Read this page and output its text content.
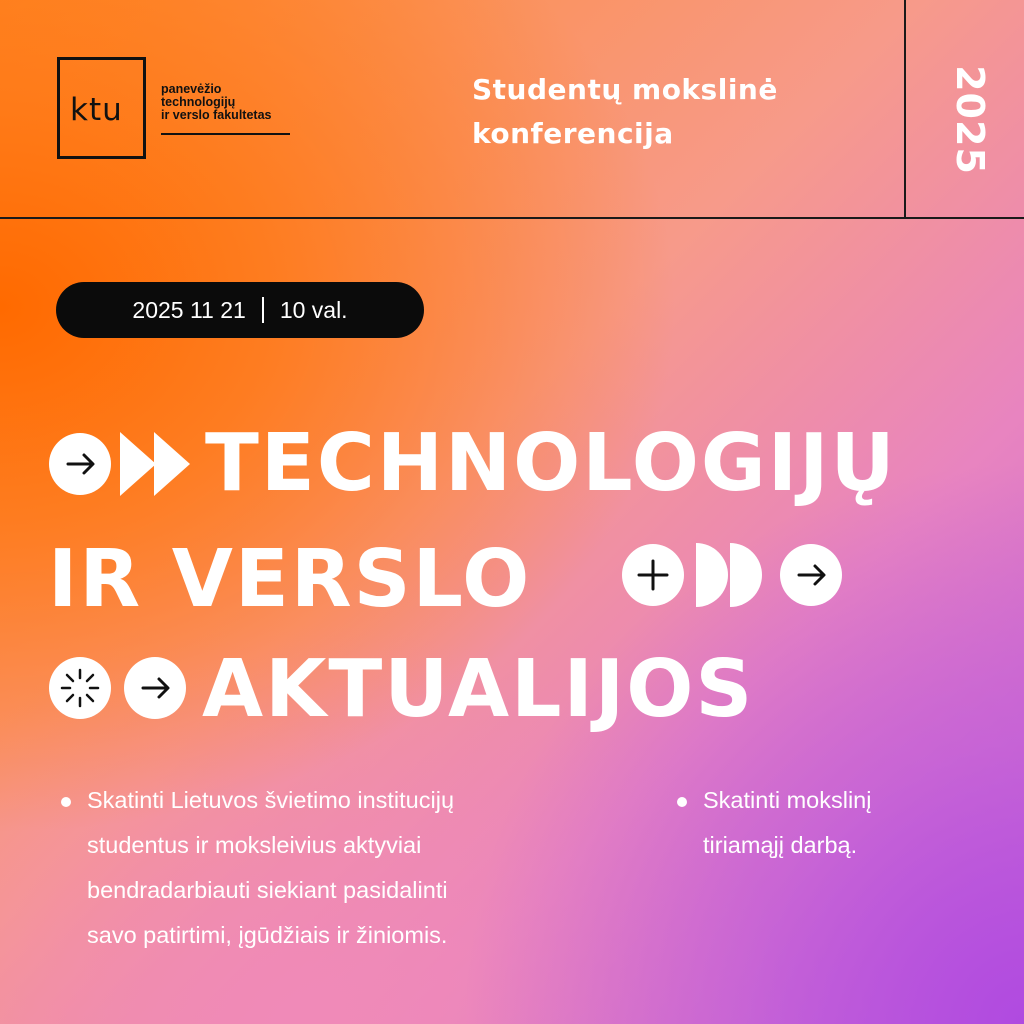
ktu
panevėžio
technologijų
ir verslo fakultetas
Studentų mokslinė
konferencija	2025
2025 11 21 10 val.
TECHNOLOGIJŲ
IR VERSLO
AKTUALIJOS
Skatinti Lietuvos švietimo institucijų
studentus ir moksleivius aktyviai
bendradarbiauti siekiant pasidalinti
savo patirtimi, įgūdžiais ir žiniomis.
Skatinti mokslinį
tiriamąjį darbą.
